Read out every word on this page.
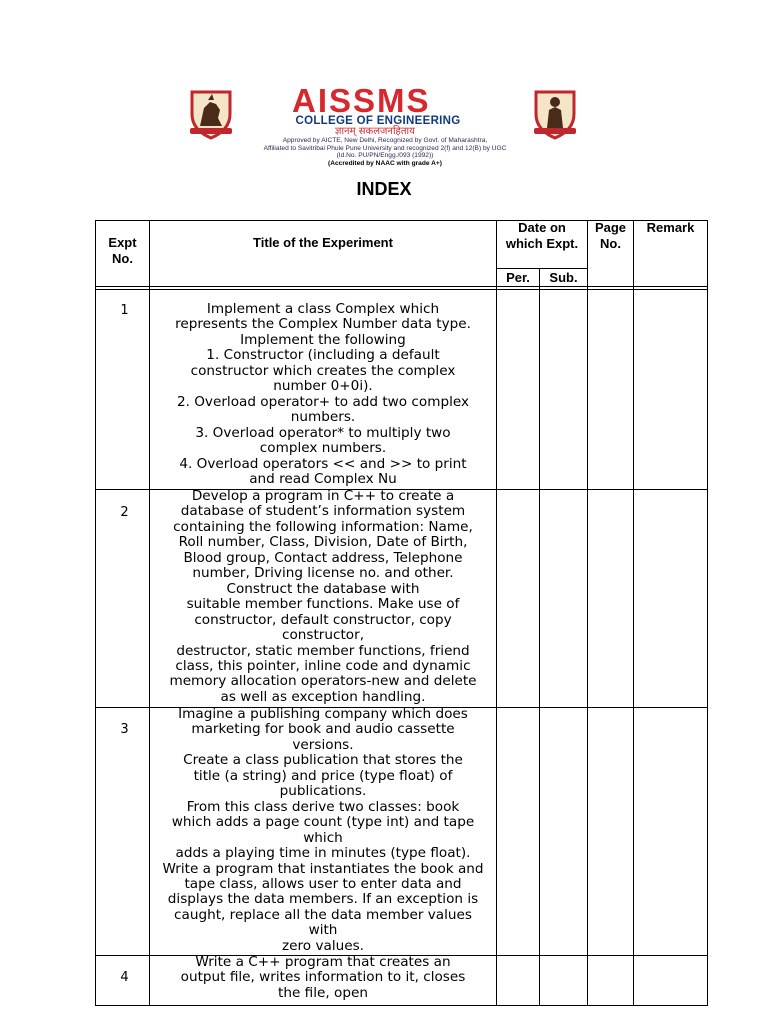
AISSMS
COLLEGE OF ENGINEERING
ज्ञानम् सकलजनहिताय
Approved by AICTE, New Delhi, Recognized by Govt. of Maharashtra,
Affiliated to Savitribai Phule Pune University and recognized 2(f) and 12(B) by UGC
(Id.No. PU/PN/Engg./093 (1992))
(Accredited by NAAC with grade A+)
INDEX
Expt
No.
Title of the Experiment
Date on
which Expt.
Per.	Sub.
Page
No.
Remark
1	Implement a class Complex which
represents the Complex Number data type.
Implement the following
1. Constructor (including a default
constructor which creates the complex
number 0+0i).
2. Overload operator+ to add two complex
numbers.
3. Overload operator* to multiply two
complex numbers.
4. Overload operators << and >> to print
and read Complex Nu
2
Develop a program in C++ to create a
database of student’s information system
containing the following information: Name,
Roll number, Class, Division, Date of Birth,
Blood group, Contact address, Telephone
number, Driving license no. and other.
Construct the database with
suitable member functions. Make use of
constructor, default constructor, copy
constructor,
destructor, static member functions, friend
class, this pointer, inline code and dynamic
memory allocation operators-new and delete
as well as exception handling.
3
Imagine a publishing company which does
marketing for book and audio cassette
versions.
Create a class publication that stores the
title (a string) and price (type float) of
publications.
From this class derive two classes: book
which adds a page count (type int) and tape
which
adds a playing time in minutes (type float).
Write a program that instantiates the book and
tape class, allows user to enter data and
displays the data members. If an exception is
caught, replace all the data member values
with
zero values.
4
Write a C++ program that creates an
output file, writes information to it, closes
the file, open
